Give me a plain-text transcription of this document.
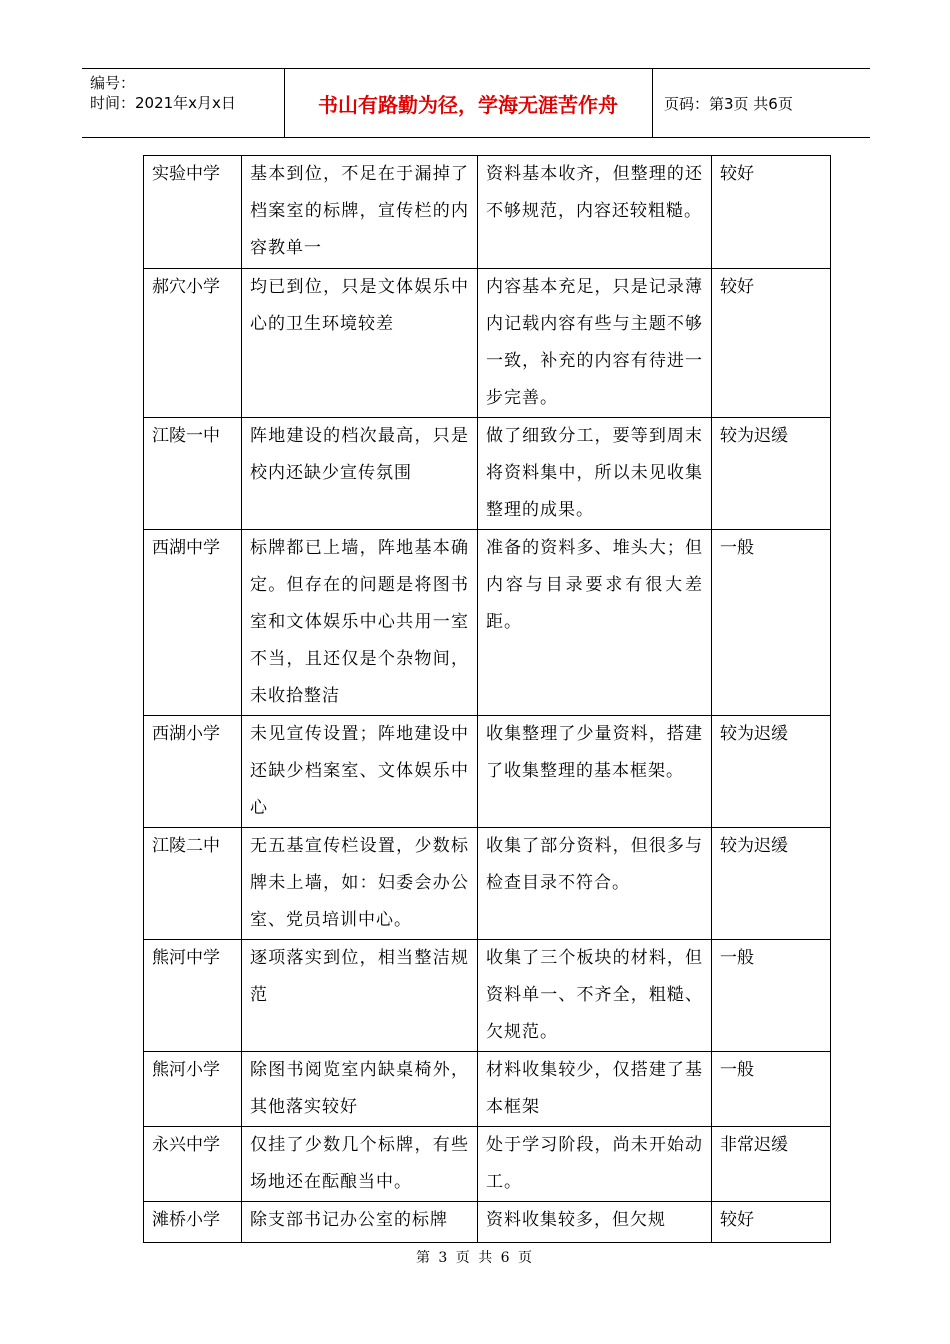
编号：
时间：2021年x月x日	书山有路勤为径，学海无涯苦作舟	页码：第3页 共6页
实验中学	基本到位，不足在于漏掉了档案室的标牌，宣传栏的内容教单一	资料基本收齐，但整理的还不够规范，内容还较粗糙。	较好
郝穴小学	均已到位，只是文体娱乐中心的卫生环境较差	内容基本充足，只是记录薄内记载内容有些与主题不够一致，补充的内容有待进一步完善。	较好
江陵一中	阵地建设的档次最高，只是校内还缺少宣传氛围	做了细致分工，要等到周末将资料集中，所以未见收集整理的成果。	较为迟缓
西湖中学	标牌都已上墙，阵地基本确定。但存在的问题是将图书室和文体娱乐中心共用一室不当，且还仅是个杂物间，未收拾整洁	准备的资料多、堆头大；但内容与目录要求有很大差距。	一般
西湖小学	未见宣传设置；阵地建设中还缺少档案室、文体娱乐中心	收集整理了少量资料，搭建了收集整理的基本框架。	较为迟缓
江陵二中	无五基宣传栏设置，少数标牌未上墙，如：妇委会办公室、党员培训中心。	收集了部分资料，但很多与检查目录不符合。	较为迟缓
熊河中学	逐项落实到位，相当整洁规范	收集了三个板块的材料，但资料单一、不齐全，粗糙、欠规范。	一般
熊河小学	除图书阅览室内缺桌椅外，其他落实较好	材料收集较少，仅搭建了基本框架	一般
永兴中学	仅挂了少数几个标牌，有些场地还在酝酿当中。	处于学习阶段，尚未开始动工。	非常迟缓
滩桥小学	除支部书记办公室的标牌	资料收集较多，但欠规	较好
第 3 页 共 6 页
